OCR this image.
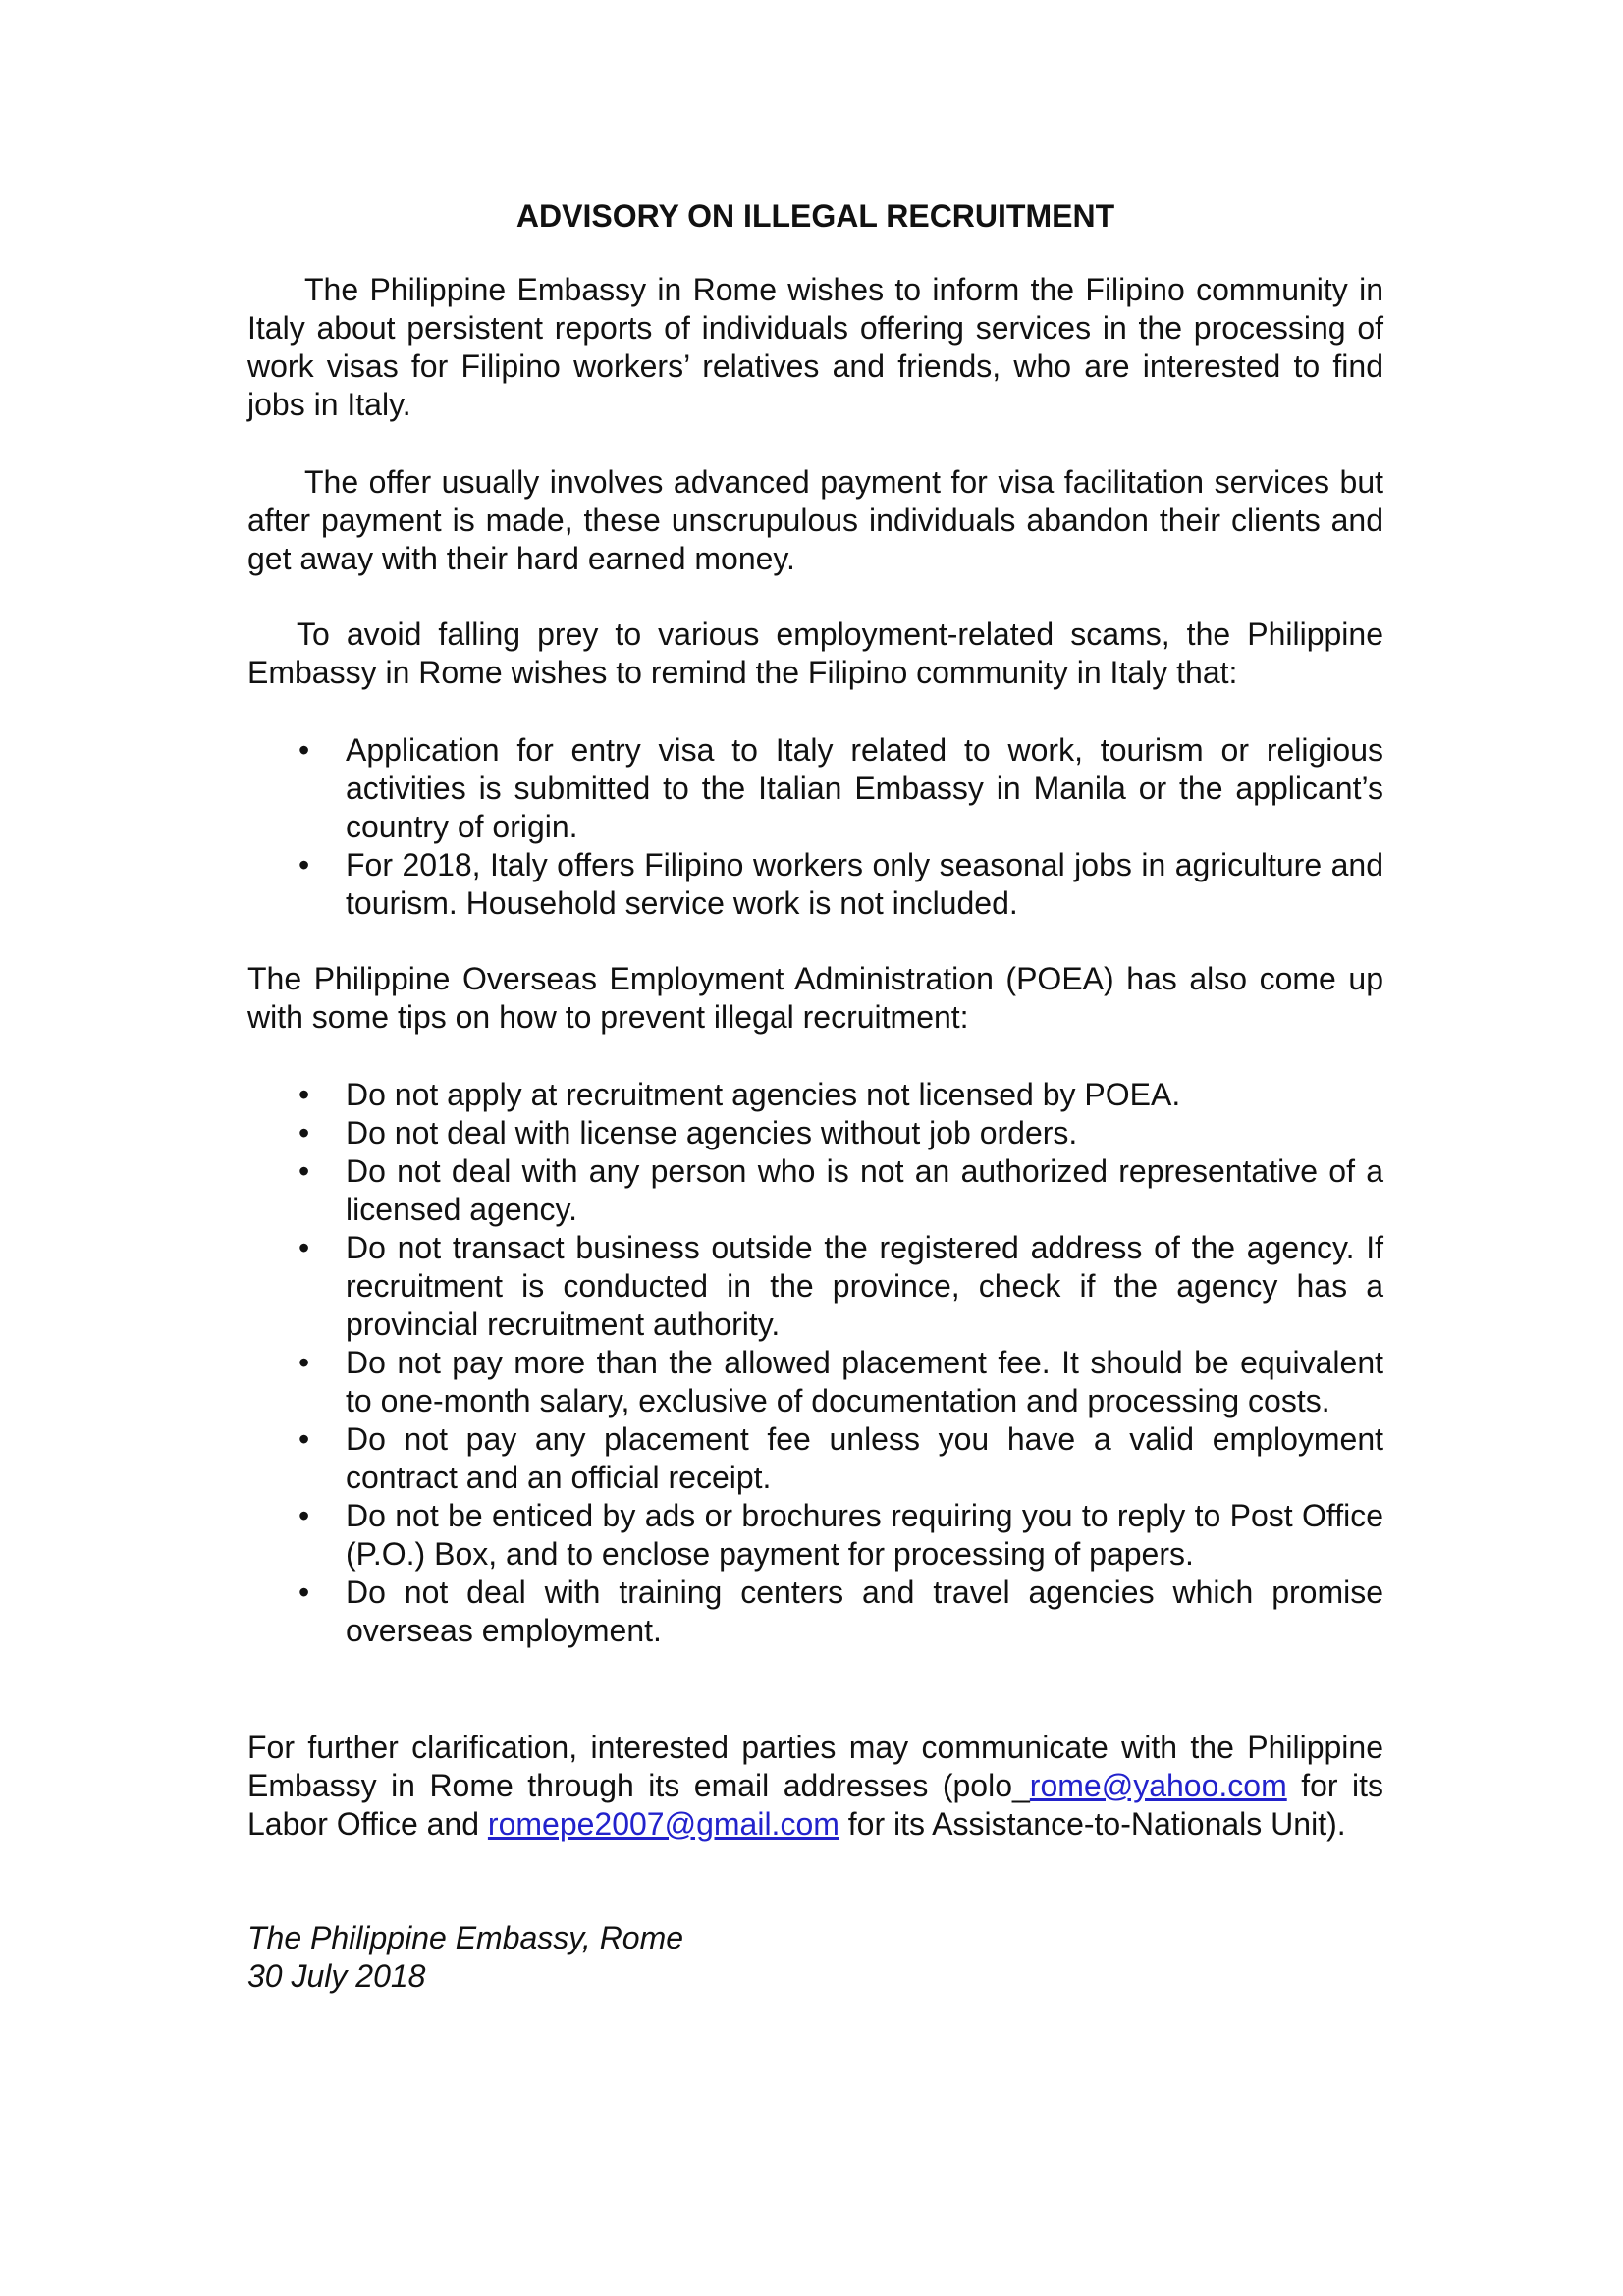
ADVISORY ON ILLEGAL RECRUITMENT

The Philippine Embassy in Rome wishes to inform the Filipino community in Italy about persistent reports of individuals offering services in the processing of work visas for Filipino workers’ relatives and friends, who are interested to find jobs in Italy.

The offer usually involves advanced payment for visa facilitation services but after payment is made, these unscrupulous individuals abandon their clients and get away with their hard earned money.

To avoid falling prey to various employment-related scams, the Philippine Embassy in Rome wishes to remind the Filipino community in Italy that:

• Application for entry visa to Italy related to work, tourism or religious activities is submitted to the Italian Embassy in Manila or the applicant’s country of origin.
• For 2018, Italy offers Filipino workers only seasonal jobs in agriculture and tourism. Household service work is not included.

The Philippine Overseas Employment Administration (POEA) has also come up with some tips on how to prevent illegal recruitment:

• Do not apply at recruitment agencies not licensed by POEA.
• Do not deal with license agencies without job orders.
• Do not deal with any person who is not an authorized representative of a licensed agency.
• Do not transact business outside the registered address of the agency. If recruitment is conducted in the province, check if the agency has a provincial recruitment authority.
• Do not pay more than the allowed placement fee. It should be equivalent to one-month salary, exclusive of documentation and processing costs.
• Do not pay any placement fee unless you have a valid employment contract and an official receipt.
• Do not be enticed by ads or brochures requiring you to reply to Post Office (P.O.) Box, and to enclose payment for processing of papers.
• Do not deal with training centers and travel agencies which promise overseas employment.

For further clarification, interested parties may communicate with the Philippine Embassy in Rome through its email addresses (polo_rome@yahoo.com for its Labor Office and romepe2007@gmail.com for its Assistance-to-Nationals Unit).

The Philippine Embassy, Rome

30 July 2018
